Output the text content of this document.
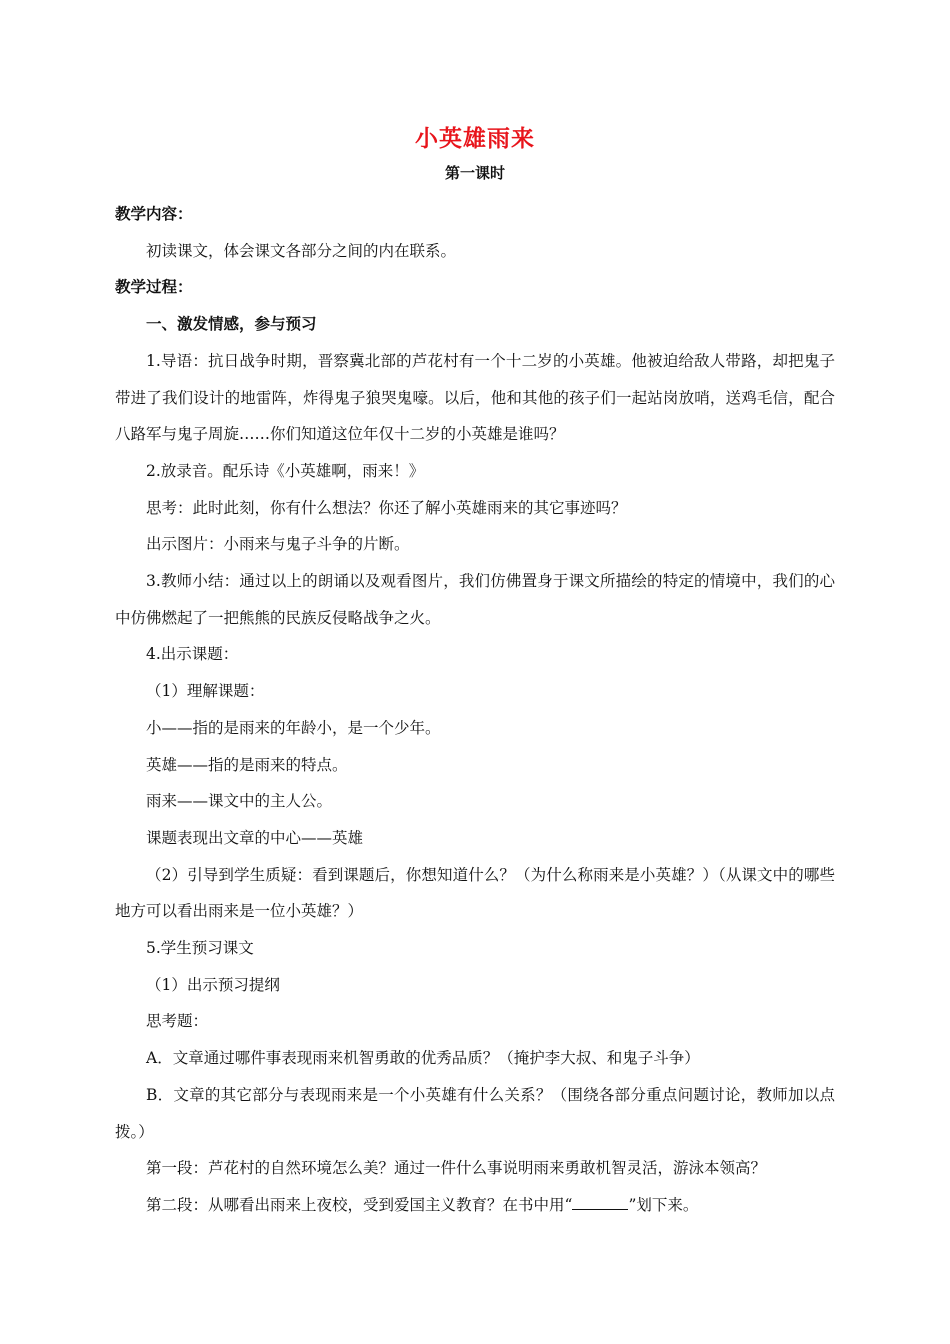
小英雄雨来
第一课时

教学内容：

初读课文，体会课文各部分之间的内在联系。

教学过程：

一、激发情感，参与预习

1.导语：抗日战争时期，晋察冀北部的芦花村有一个十二岁的小英雄。他被迫给敌人带路，却把鬼子带进了我们设计的地雷阵，炸得鬼子狼哭鬼嚎。以后，他和其他的孩子们一起站岗放哨，送鸡毛信，配合八路军与鬼子周旋……你们知道这位年仅十二岁的小英雄是谁吗？

2.放录音。配乐诗《小英雄啊，雨来！》

思考：此时此刻，你有什么想法？你还了解小英雄雨来的其它事迹吗？

出示图片：小雨来与鬼子斗争的片断。

3.教师小结：通过以上的朗诵以及观看图片，我们仿佛置身于课文所描绘的特定的情境中，我们的心中仿佛燃起了一把熊熊的民族反侵略战争之火。

4.出示课题：

（1）理解课题：

小——指的是雨来的年龄小，是一个少年。

英雄——指的是雨来的特点。

雨来——课文中的主人公。

课题表现出文章的中心——英雄

（2）引导到学生质疑：看到课题后，你想知道什么？（为什么称雨来是小英雄？）（从课文中的哪些地方可以看出雨来是一位小英雄？）

5.学生预习课文

（1）出示预习提纲

思考题：

A．文章通过哪件事表现雨来机智勇敢的优秀品质？（掩护李大叔、和鬼子斗争）

B．文章的其它部分与表现雨来是一个小英雄有什么关系？（围绕各部分重点问题讨论，教师加以点拨。）

第一段：芦花村的自然环境怎么美？通过一件什么事说明雨来勇敢机智灵活，游泳本领高？

第二段：从哪看出雨来上夜校，受到爱国主义教育？在书中用“	”划下来。
